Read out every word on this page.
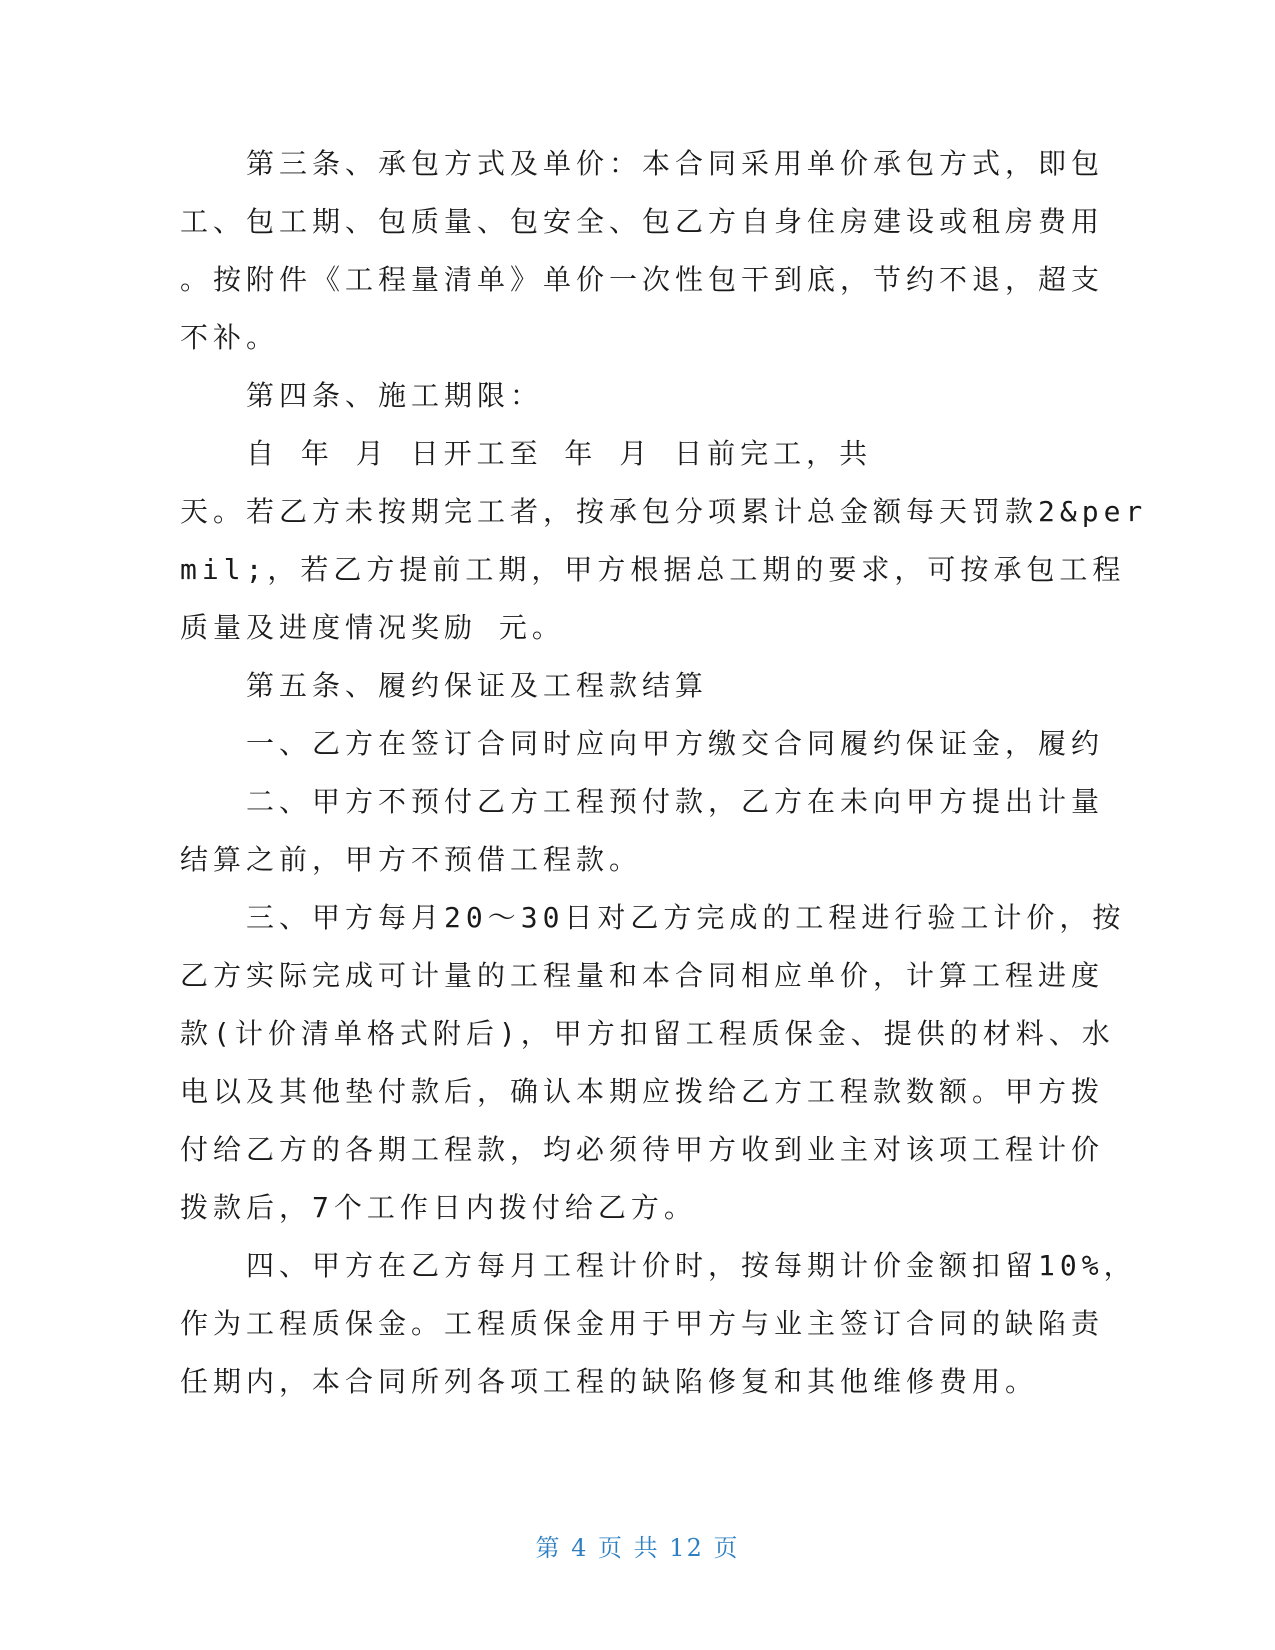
　　第三条、承包方式及单价：本合同采用单价承包方式，即包
工、包工期、包质量、包安全、包乙方自身住房建设或租房费用
。按附件《工程量清单》单价一次性包干到底，节约不退，超支
不补。
　　第四条、施工期限：
　　自 年 月 日开工至 年 月 日前完工，共
天。若乙方未按期完工者，按承包分项累计总金额每天罚款2&per
mil;，若乙方提前工期，甲方根据总工期的要求，可按承包工程
质量及进度情况奖励 元。
　　第五条、履约保证及工程款结算
　　一、乙方在签订合同时应向甲方缴交合同履约保证金，履约
　　二、甲方不预付乙方工程预付款，乙方在未向甲方提出计量
结算之前，甲方不预借工程款。
　　三、甲方每月20～30日对乙方完成的工程进行验工计价，按
乙方实际完成可计量的工程量和本合同相应单价，计算工程进度
款(计价清单格式附后)，甲方扣留工程质保金、提供的材料、水
电以及其他垫付款后，确认本期应拨给乙方工程款数额。甲方拨
付给乙方的各期工程款，均必须待甲方收到业主对该项工程计价
拨款后，7个工作日内拨付给乙方。
　　四、甲方在乙方每月工程计价时，按每期计价金额扣留10%，
作为工程质保金。工程质保金用于甲方与业主签订合同的缺陷责
任期内，本合同所列各项工程的缺陷修复和其他维修费用。
第 4 页 共 12 页
